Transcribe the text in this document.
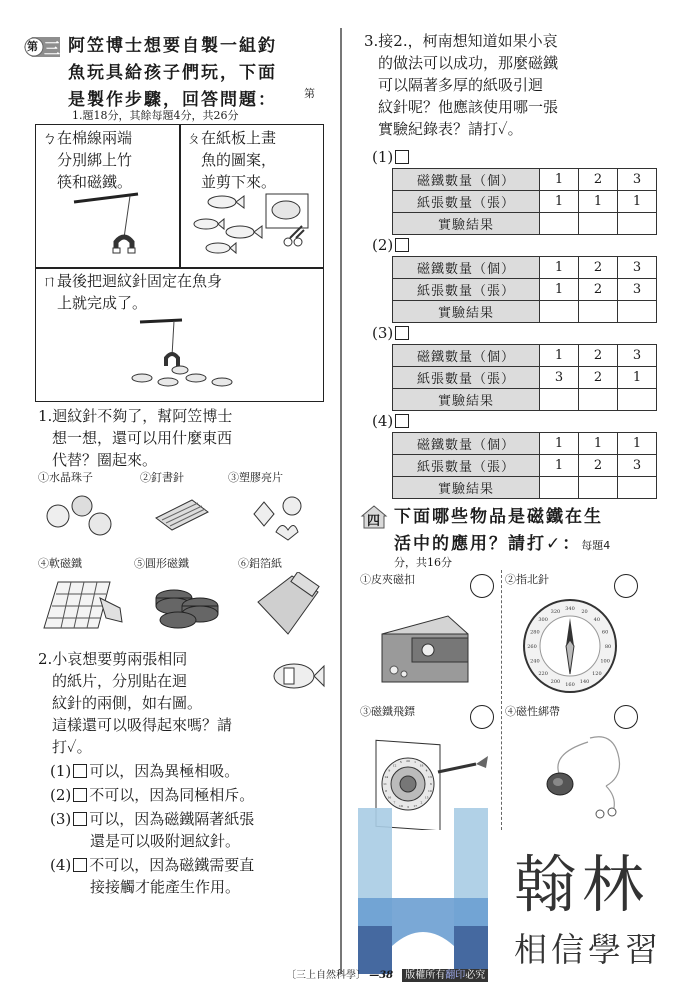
第 三 阿笠博士想要自製一組釣
魚玩具給孩子們玩，下面
是製作步驟，回答問題： 第
1.題18分，其餘每題4分，共26分
ㄅ在棉線兩端
分別綁上竹
筷和磁鐵。
ㄆ在紙板上畫
魚的圖案，
並剪下來。
ㄇ最後把迴紋針固定在魚身
上就完成了。
1.迴紋針不夠了，幫阿笠博士
想一想，還可以用什麼東西
代替？圈起來。
①水晶珠子	②釘書針	③塑膠亮片
④軟磁鐵	⑤圓形磁鐵	⑥鋁箔紙
2.小哀想要剪兩張相同
的紙片，分別貼在迴
紋針的兩側，如右圖。
這樣還可以吸得起來嗎？請
打✓。
(1) 可以，因為異極相吸。
(2) 不可以，因為同極相斥。
(3) 可以，因為磁鐵隔著紙張
還是可以吸附迴紋針。
(4) 不可以，因為磁鐵需要直
接接觸才能產生作用。
3.接2.，柯南想知道如果小哀
的做法可以成功，那麼磁鐵
可以隔著多厚的紙吸引迴
紋針呢？他應該使用哪一張
實驗紀錄表？請打✓。
(1)
磁鐵數量（個）	1	2	3
紙張數量（張）	1	1	1
實驗結果			
(2)
磁鐵數量（個）	1	2	3
紙張數量（張）	1	2	3
實驗結果			
(3)
磁鐵數量（個）	1	2	3
紙張數量（張）	3	2	1
實驗結果			
(4)
磁鐵數量（個）	1	1	1
紙張數量（張）	1	2	3
實驗結果			
四 下面哪些物品是磁鐵在生
活中的應用？請打✓：每題4
分，共16分
①皮夾磁扣	②指北針
340 20
40
60
80
100
120
140
160
200
220
240
260
280
300
320
③磁鐵飛鏢	④磁性綁帶
20 1
18
4
13
6
10
15
2
17
3
19
7
16
8
11
14
9
12
5
翰林
相信學習
〔三上自然科學〕 —38 版權所有翻印必究
